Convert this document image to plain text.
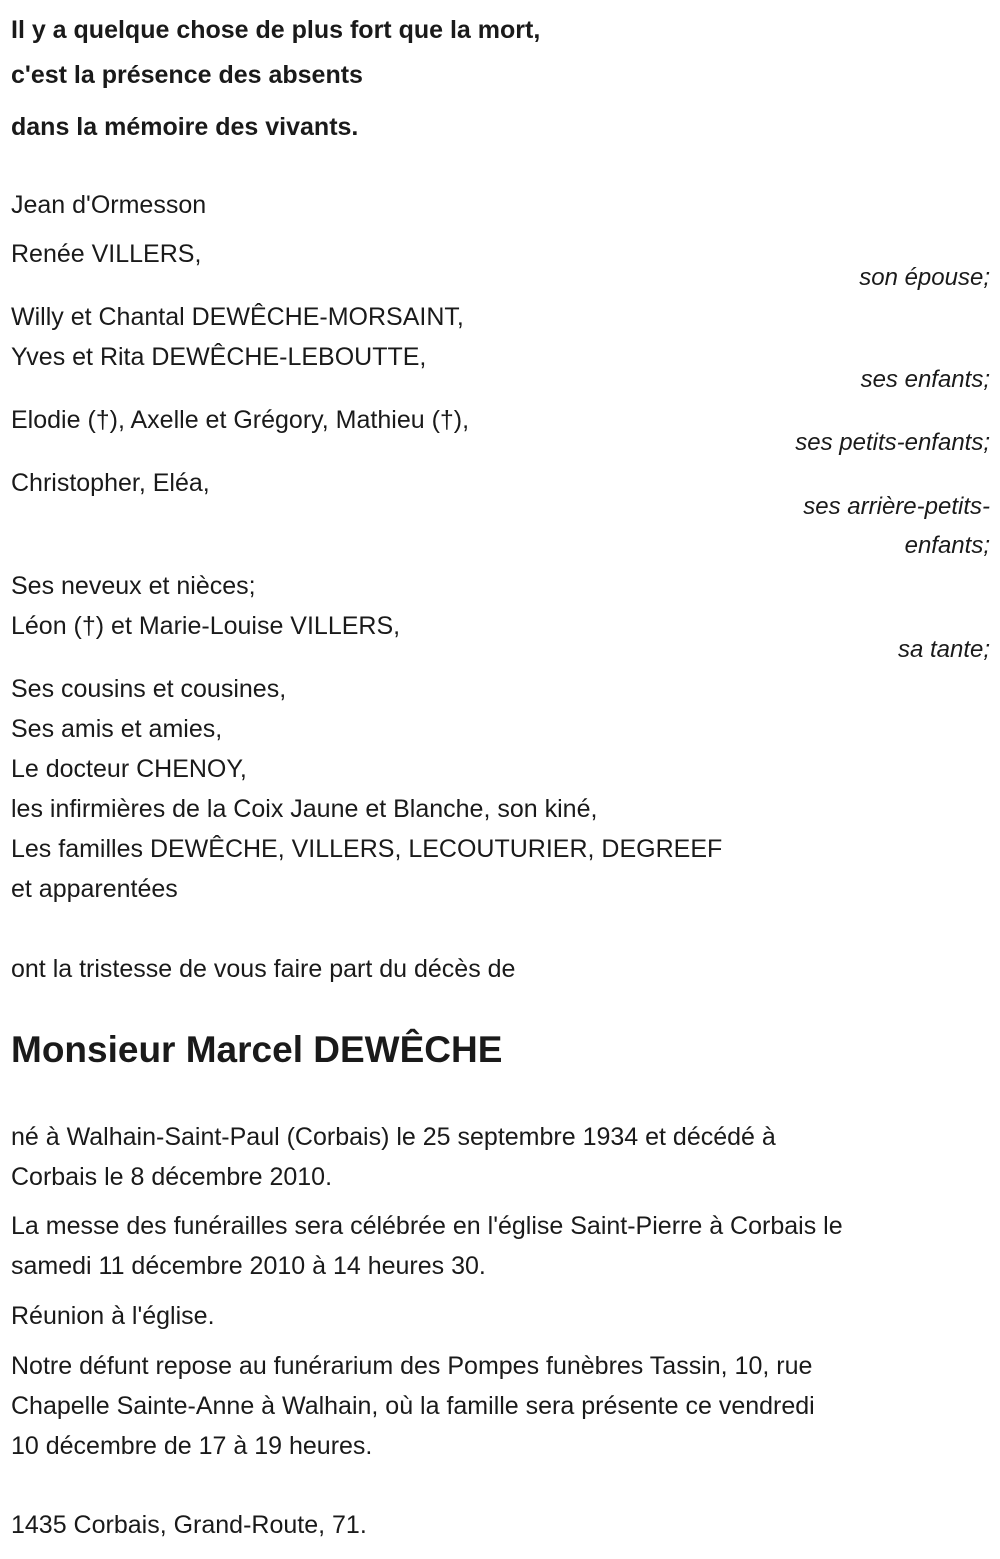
Il y a quelque chose de plus fort que la mort,
c'est la présence des absents
dans la mémoire des vivants.
Jean d'Ormesson
Renée VILLERS,
son épouse;
Willy et Chantal DEWÊCHE-MORSAINT,
Yves et Rita DEWÊCHE-LEBOUTTE,
ses enfants;
Elodie (†), Axelle et Grégory, Mathieu (†),
ses petits-enfants;
Christopher, Eléa,
ses arrière-petits-
enfants;
Ses neveux et nièces;
Léon (†) et Marie-Louise VILLERS,
sa tante;
Ses cousins et cousines,
Ses amis et amies,
Le docteur CHENOY,
les infirmières de la Coix Jaune et Blanche, son kiné,
Les familles DEWÊCHE, VILLERS, LECOUTURIER, DEGREEF
et apparentées
ont la tristesse de vous faire part du décès de
Monsieur Marcel DEWÊCHE
né à Walhain-Saint-Paul (Corbais) le 25 septembre 1934 et décédé à
Corbais le 8 décembre 2010.
La messe des funérailles sera célébrée en l'église Saint-Pierre à Corbais le
samedi 11 décembre 2010 à 14 heures 30.
Réunion à l'église.
Notre défunt repose au funérarium des Pompes funèbres Tassin, 10, rue
Chapelle Sainte-Anne à Walhain, où la famille sera présente ce vendredi
10 décembre de 17 à 19 heures.
1435 Corbais, Grand-Route, 71.
